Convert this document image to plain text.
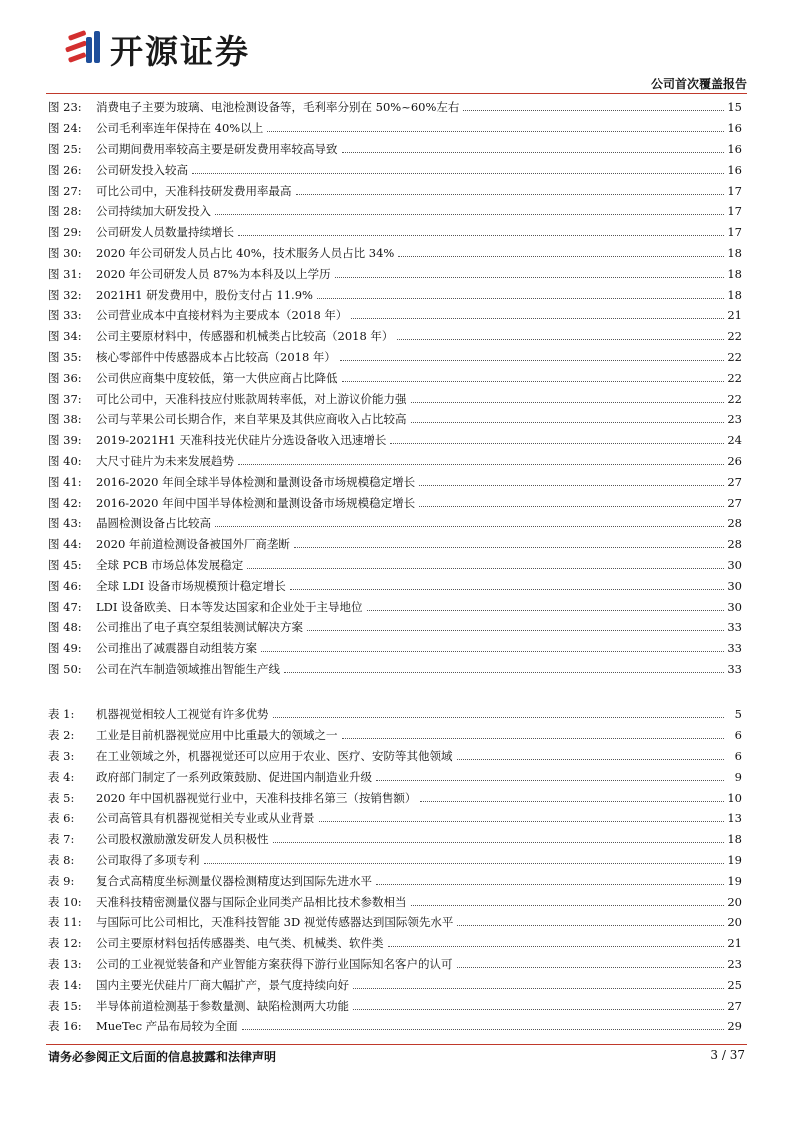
开源证券
公司首次覆盖报告
图 23:	消费电子主要为玻璃、电池检测设备等，毛利率分别在 50%~60%左右	15
图 24:	公司毛利率连年保持在 40%以上	16
图 25:	公司期间费用率较高主要是研发费用率较高导致	16
图 26:	公司研发投入较高	16
图 27:	可比公司中，天准科技研发费用率最高	17
图 28:	公司持续加大研发投入	17
图 29:	公司研发人员数量持续增长	17
图 30:	2020 年公司研发人员占比 40%，技术服务人员占比 34%	18
图 31:	2020 年公司研发人员 87%为本科及以上学历	18
图 32:	2021H1 研发费用中，股份支付占 11.9%	18
图 33:	公司营业成本中直接材料为主要成本（2018 年）	21
图 34:	公司主要原材料中，传感器和机械类占比较高（2018 年）	22
图 35:	核心零部件中传感器成本占比较高（2018 年）	22
图 36:	公司供应商集中度较低，第一大供应商占比降低	22
图 37:	可比公司中，天准科技应付账款周转率低，对上游议价能力强	22
图 38:	公司与苹果公司长期合作，来自苹果及其供应商收入占比较高	23
图 39:	2019-2021H1 天准科技光伏硅片分选设备收入迅速增长	24
图 40:	大尺寸硅片为未来发展趋势	26
图 41:	2016-2020 年间全球半导体检测和量测设备市场规模稳定增长	27
图 42:	2016-2020 年间中国半导体检测和量测设备市场规模稳定增长	27
图 43:	晶圆检测设备占比较高	28
图 44:	2020 年前道检测设备被国外厂商垄断	28
图 45:	全球 PCB 市场总体发展稳定	30
图 46:	全球 LDI 设备市场规模预计稳定增长	30
图 47:	LDI 设备欧美、日本等发达国家和企业处于主导地位	30
图 48:	公司推出了电子真空泵组装测试解决方案	33
图 49:	公司推出了减震器自动组装方案	33
图 50:	公司在汽车制造领域推出智能生产线	33
表 1:	机器视觉相较人工视觉有许多优势	5
表 2:	工业是目前机器视觉应用中比重最大的领域之一	6
表 3:	在工业领域之外，机器视觉还可以应用于农业、医疗、安防等其他领域	6
表 4:	政府部门制定了一系列政策鼓励、促进国内制造业升级	9
表 5:	2020 年中国机器视觉行业中，天准科技排名第三（按销售额）	10
表 6:	公司高管具有机器视觉相关专业或从业背景	13
表 7:	公司股权激励激发研发人员积极性	18
表 8:	公司取得了多项专利	19
表 9:	复合式高精度坐标测量仪器检测精度达到国际先进水平	19
表 10:	天准科技精密测量仪器与国际企业同类产品相比技术参数相当	20
表 11:	与国际可比公司相比，天准科技智能 3D 视觉传感器达到国际领先水平	20
表 12:	公司主要原材料包括传感器类、电气类、机械类、软件类	21
表 13:	公司的工业视觉装备和产业智能方案获得下游行业国际知名客户的认可	23
表 14:	国内主要光伏硅片厂商大幅扩产，景气度持续向好	25
表 15:	半导体前道检测基于参数量测、缺陷检测两大功能	27
表 16:	MueTec 产品布局较为全面	29
请务必参阅正文后面的信息披露和法律声明	3 / 37
